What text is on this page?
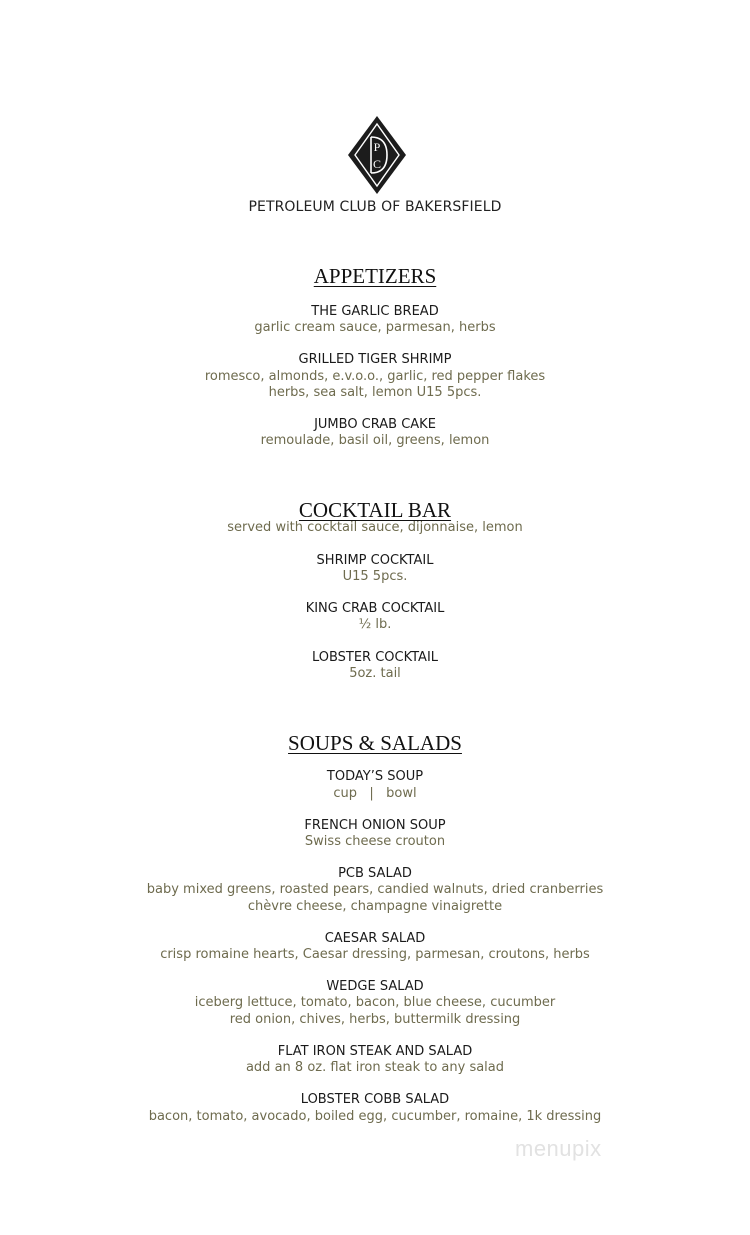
P
C
PETROLEUM CLUB OF BAKERSFIELD
APPETIZERS
THE GARLIC BREAD
garlic cream sauce, parmesan, herbs
GRILLED TIGER SHRIMP
romesco, almonds, e.v.o.o., garlic, red pepper flakes
herbs, sea salt, lemon U15 5pcs.
JUMBO CRAB CAKE
remoulade, basil oil, greens, lemon
COCKTAIL BAR
served with cocktail sauce, dijonnaise, lemon
SHRIMP COCKTAIL
U15 5pcs.
KING CRAB COCKTAIL
½ lb.
LOBSTER COCKTAIL
5oz. tail
SOUPS & SALADS
TODAY’S SOUP
cup   |   bowl
FRENCH ONION SOUP
Swiss cheese crouton
PCB SALAD
baby mixed greens, roasted pears, candied walnuts, dried cranberries
chèvre cheese, champagne vinaigrette
CAESAR SALAD
crisp romaine hearts, Caesar dressing, parmesan, croutons, herbs
WEDGE SALAD
iceberg lettuce, tomato, bacon, blue cheese, cucumber
red onion, chives, herbs, buttermilk dressing
FLAT IRON STEAK AND SALAD
add an 8 oz. flat iron steak to any salad
LOBSTER COBB SALAD
bacon, tomato, avocado, boiled egg, cucumber, romaine, 1k dressing
menupix
